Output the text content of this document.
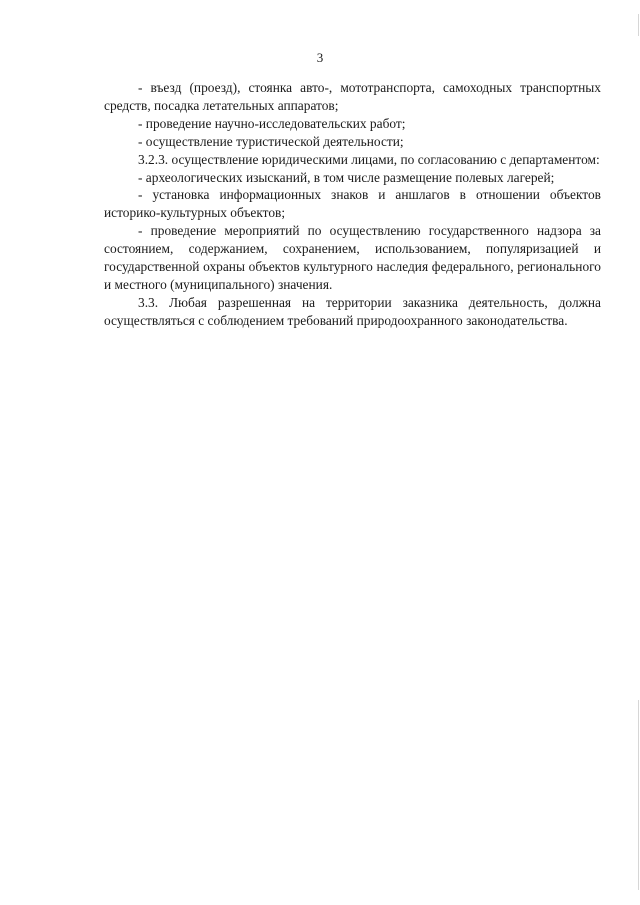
3

- въезд (проезд), стоянка авто-, мототранспорта, самоходных транспортных средств, посадка летательных аппаратов;

- проведение научно-исследовательских работ;

- осуществление туристической деятельности;

3.2.3. осуществление юридическими лицами, по согласованию с департаментом:

- археологических изысканий, в том числе размещение полевых лагерей;

- установка информационных знаков и аншлагов в отношении объектов историко-культурных объектов;

- проведение мероприятий по осуществлению государственного надзора за состоянием, содержанием, сохранением, использованием, популяризацией и государственной охраны объектов культурного наследия федерального, регионального и местного (муниципального) значения.

3.3. Любая разрешенная на территории заказника деятельность, должна осуществляться с соблюдением требований природоохранного законодательства.
